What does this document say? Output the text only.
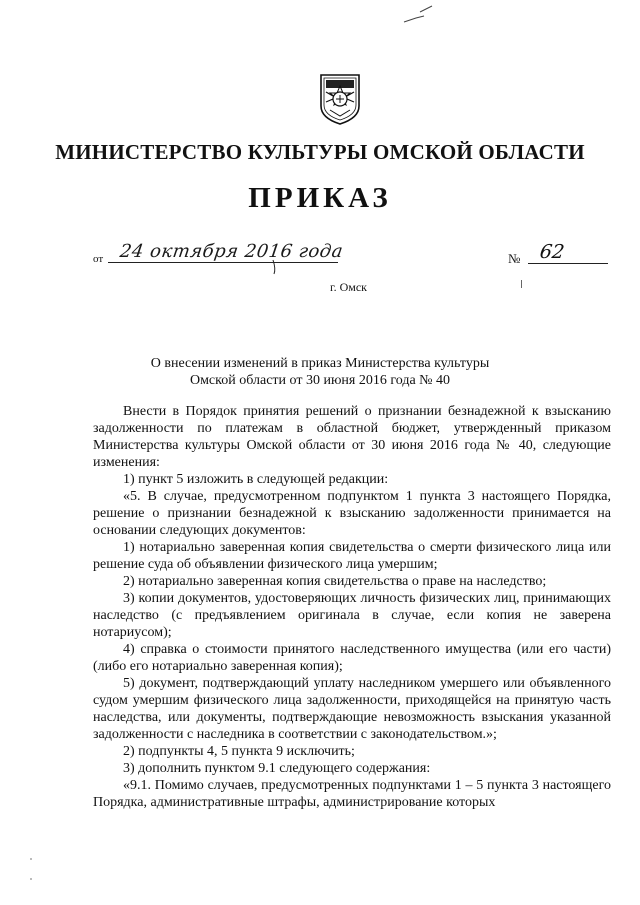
МИНИСТЕРСТВО КУЛЬТУРЫ ОМСКОЙ ОБЛАСТИ
ПРИКАЗ
от 24 октября 2016 года	№ 62
г. Омск
О внесении изменений в приказ Министерства культуры
Омской области от 30 июня 2016 года № 40

Внести в Порядок принятия решений о признании безнадежной к взысканию задолженности по платежам в областной бюджет, утвержденный приказом Министерства культуры Омской области от 30 июня 2016 года № 40, следующие изменения:

1) пункт 5 изложить в следующей редакции:

«5. В случае, предусмотренном подпунктом 1 пункта 3 настоящего Порядка, решение о признании безнадежной к взысканию задолженности принимается на основании следующих документов:

1) нотариально заверенная копия свидетельства о смерти физического лица или решение суда об объявлении физического лица умершим;

2) нотариально заверенная копия свидетельства о праве на наследство;

3) копии документов, удостоверяющих личность физических лиц, принимающих наследство (с предъявлением оригинала в случае, если копия не заверена нотариусом);

4) справка о стоимости принятого наследственного имущества (или его части) (либо его нотариально заверенная копия);

5) документ, подтверждающий уплату наследником умершего или объявленного судом умершим физического лица задолженности, приходящейся на принятую часть наследства, или документы, подтверждающие невозможность взыскания указанной задолженности с наследника в соответствии с законодательством.»;

2) подпункты 4, 5 пункта 9 исключить;

3) дополнить пунктом 9.1 следующего содержания:

«9.1. Помимо случаев, предусмотренных подпунктами 1 – 5 пункта 3 настоящего Порядка, административные штрафы, администрирование которых
